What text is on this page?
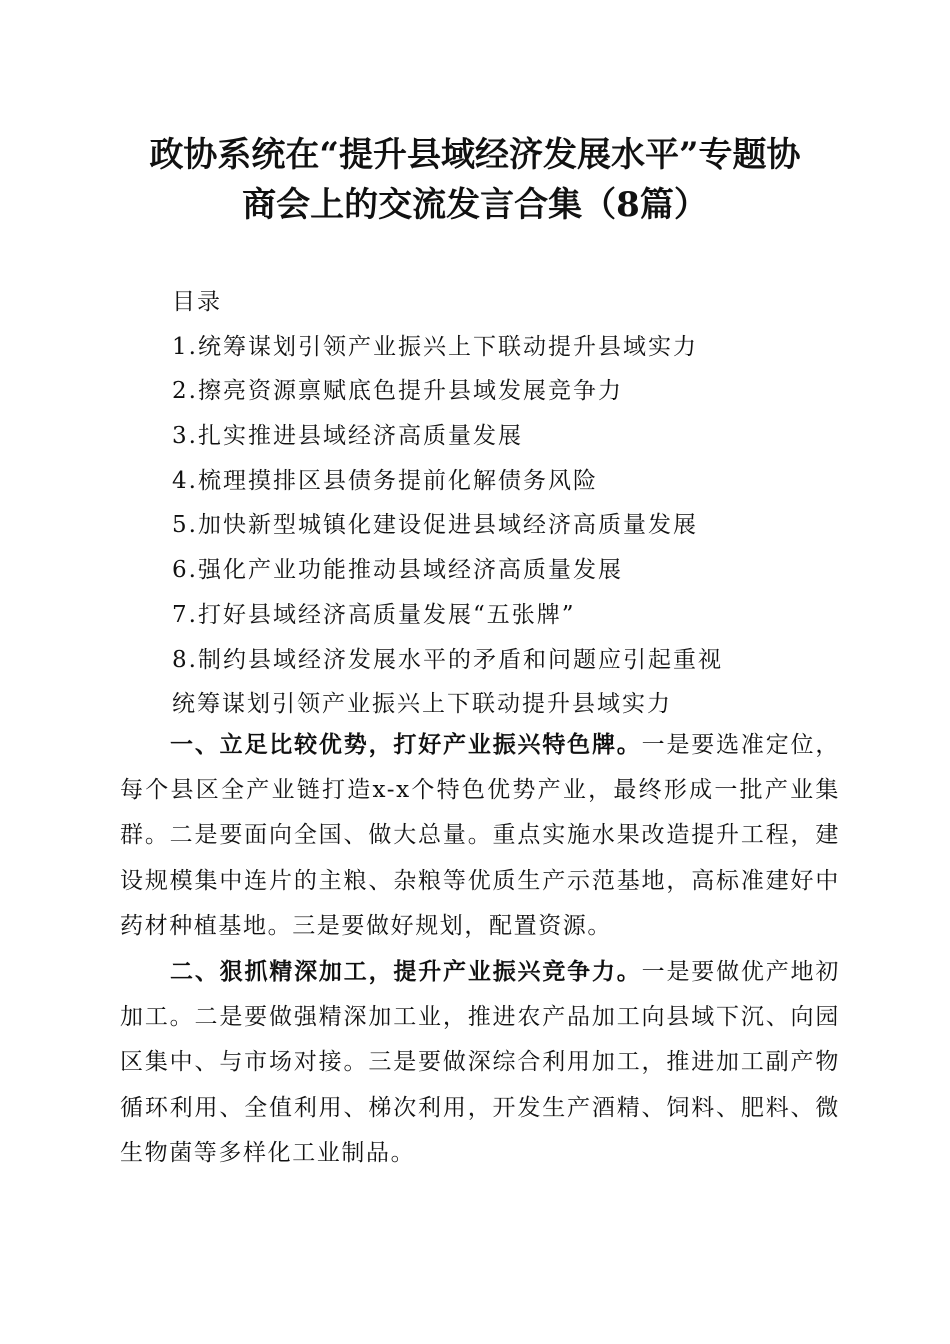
政协系统在“提升县域经济发展水平”专题协
商会上的交流发言合集（8篇）
目录
1.统筹谋划引领产业振兴上下联动提升县域实力
2.擦亮资源禀赋底色提升县域发展竞争力
3.扎实推进县域经济高质量发展
4.梳理摸排区县债务提前化解债务风险
5.加快新型城镇化建设促进县域经济高质量发展
6.强化产业功能推动县域经济高质量发展
7.打好县域经济高质量发展“五张牌”
8.制约县域经济发展水平的矛盾和问题应引起重视
统筹谋划引领产业振兴上下联动提升县域实力

一、立足比较优势，打好产业振兴特色牌。一是要选准定位，每个县区全产业链打造x-x个特色优势产业，最终形成一批产业集群。二是要面向全国、做大总量。重点实施水果改造提升工程，建设规模集中连片的主粮、杂粮等优质生产示范基地，高标准建好中药材种植基地。三是要做好规划，配置资源。

二、狠抓精深加工，提升产业振兴竞争力。一是要做优产地初加工。二是要做强精深加工业，推进农产品加工向县域下沉、向园区集中、与市场对接。三是要做深综合利用加工，推进加工副产物循环利用、全值利用、梯次利用，开发生产酒精、饲料、肥料、微生物菌等多样化工业制品。
